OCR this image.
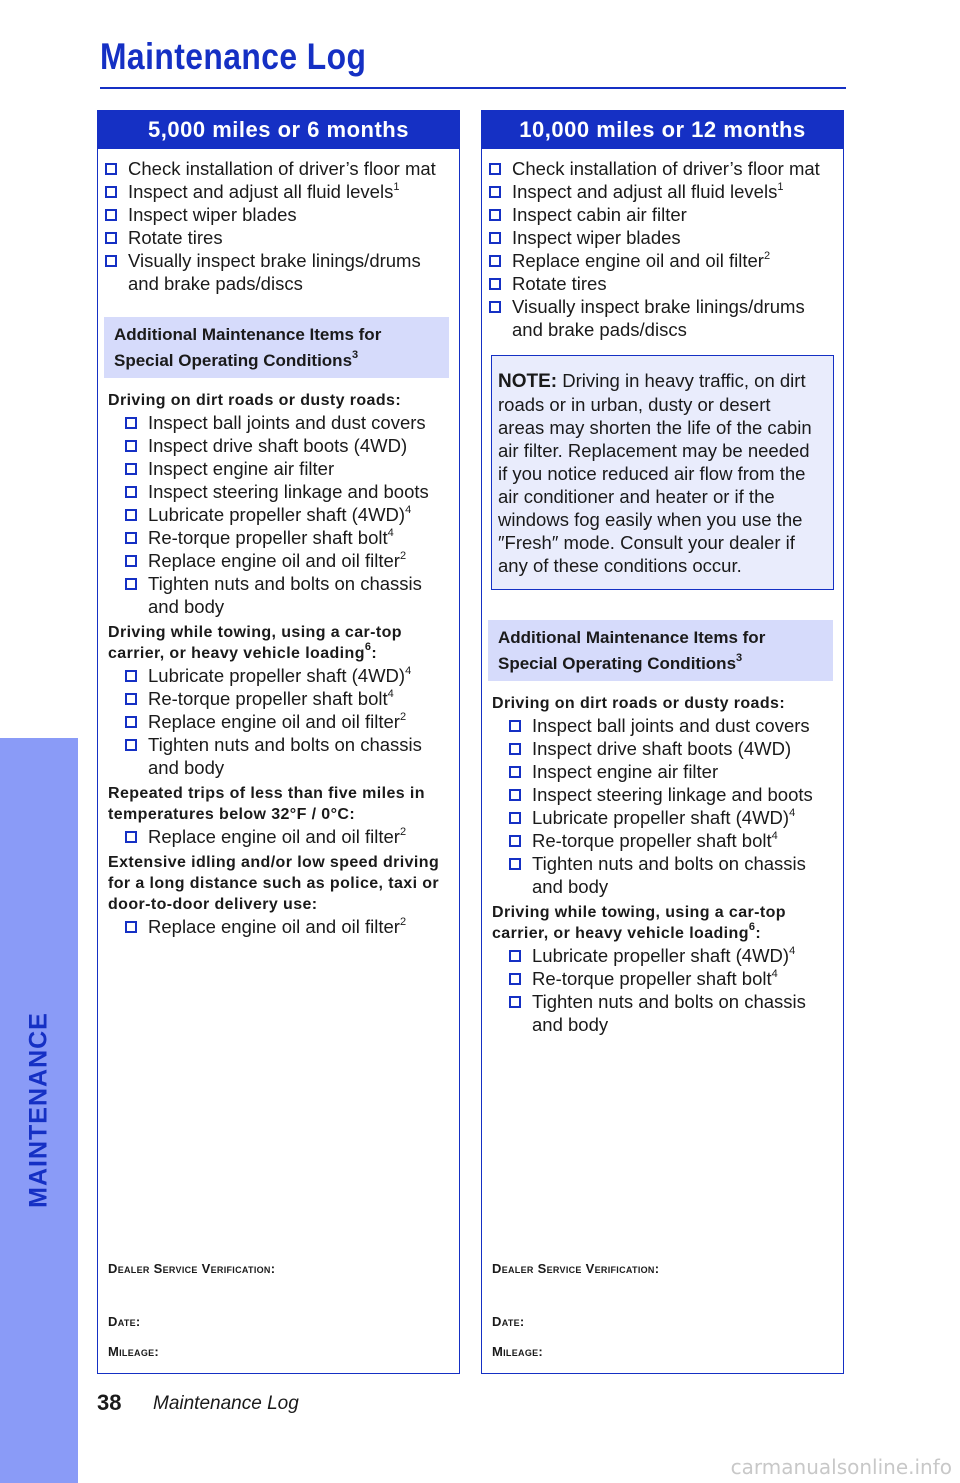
Maintenance Log
MAINTENANCE
5,000 miles or 6 months
Check installation of driver’s floor mat
Inspect and adjust all fluid levels$^1$
Inspect wiper blades
Rotate tires
Visually inspect brake linings/drums and brake pads/discs
Additional Maintenance Items for Special Operating Conditions$^3$
Driving on dirt roads or dusty roads:
Inspect ball joints and dust covers
Inspect drive shaft boots (4WD)
Inspect engine air filter
Inspect steering linkage and boots
Lubricate propeller shaft $(4WD)^4$
Re-torque propeller shaft bolt$^4$
Replace engine oil and oil filter$^2$
Tighten nuts and bolts on chassis and body
Driving while towing, using a car-top carrier, or heavy vehicle loading$^6$:
Lubricate propeller shaft $(4WD)^4$
Re-torque propeller shaft bolt$^4$
Replace engine oil and oil filter$^2$
Tighten nuts and bolts on chassis and body
Repeated trips of less than five miles in temperatures below 32°F / 0°C:
Replace engine oil and oil filter$^2$
Extensive idling and/or low speed driving for a long distance such as police, taxi or door-to-door delivery use:
Replace engine oil and oil filter$^2$
Dealer Service Verification:
Date:
Mileage:
10,000 miles or 12 months
Check installation of driver’s floor mat
Inspect and adjust all fluid levels$^1$
Inspect cabin air filter
Inspect wiper blades
Replace engine oil and oil filter$^2$
Rotate tires
Visually inspect brake linings/drums and brake pads/discs
NOTE: Driving in heavy traffic, on dirt roads or in urban, dusty or desert areas may shorten the life of the cabin air filter. Replacement may be needed if you notice reduced air flow from the air conditioner and heater or if the windows fog easily when you use the ″Fresh″ mode. Consult your dealer if any of these conditions occur.
Additional Maintenance Items for Special Operating Conditions$^3$
Driving on dirt roads or dusty roads:
Inspect ball joints and dust covers
Inspect drive shaft boots (4WD)
Inspect engine air filter
Inspect steering linkage and boots
Lubricate propeller shaft $(4WD)^4$
Re-torque propeller shaft bolt$^4$
Tighten nuts and bolts on chassis and body
Driving while towing, using a car-top carrier, or heavy vehicle loading$^6$:
Lubricate propeller shaft $(4WD)^4$
Re-torque propeller shaft bolt$^4$
Tighten nuts and bolts on chassis and body
Dealer Service Verification:
Date:
Mileage:
38 Maintenance Log
carmanualsonline.info
